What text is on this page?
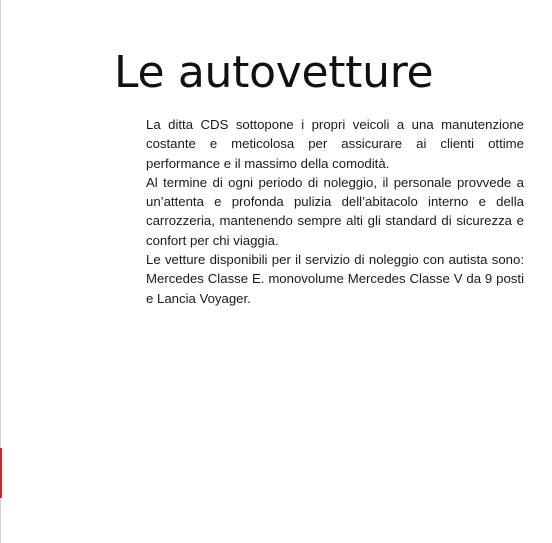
Le autovetture

La ditta CDS sottopone i propri veicoli a una manutenzione costante e meticolosa per assicurare ai clienti ottime performance e il massimo della comodità.

Al termine di ogni periodo di noleggio, il personale provvede a un’attenta e profonda pulizia dell’abitacolo interno e della carrozzeria, mantenendo sempre alti gli standard di sicurezza e confort per chi viaggia.

Le vetture disponibili per il servizio di noleggio con autista sono: Mercedes Classe E. monovolume Mercedes Classe V da 9 posti e Lancia Voyager.
